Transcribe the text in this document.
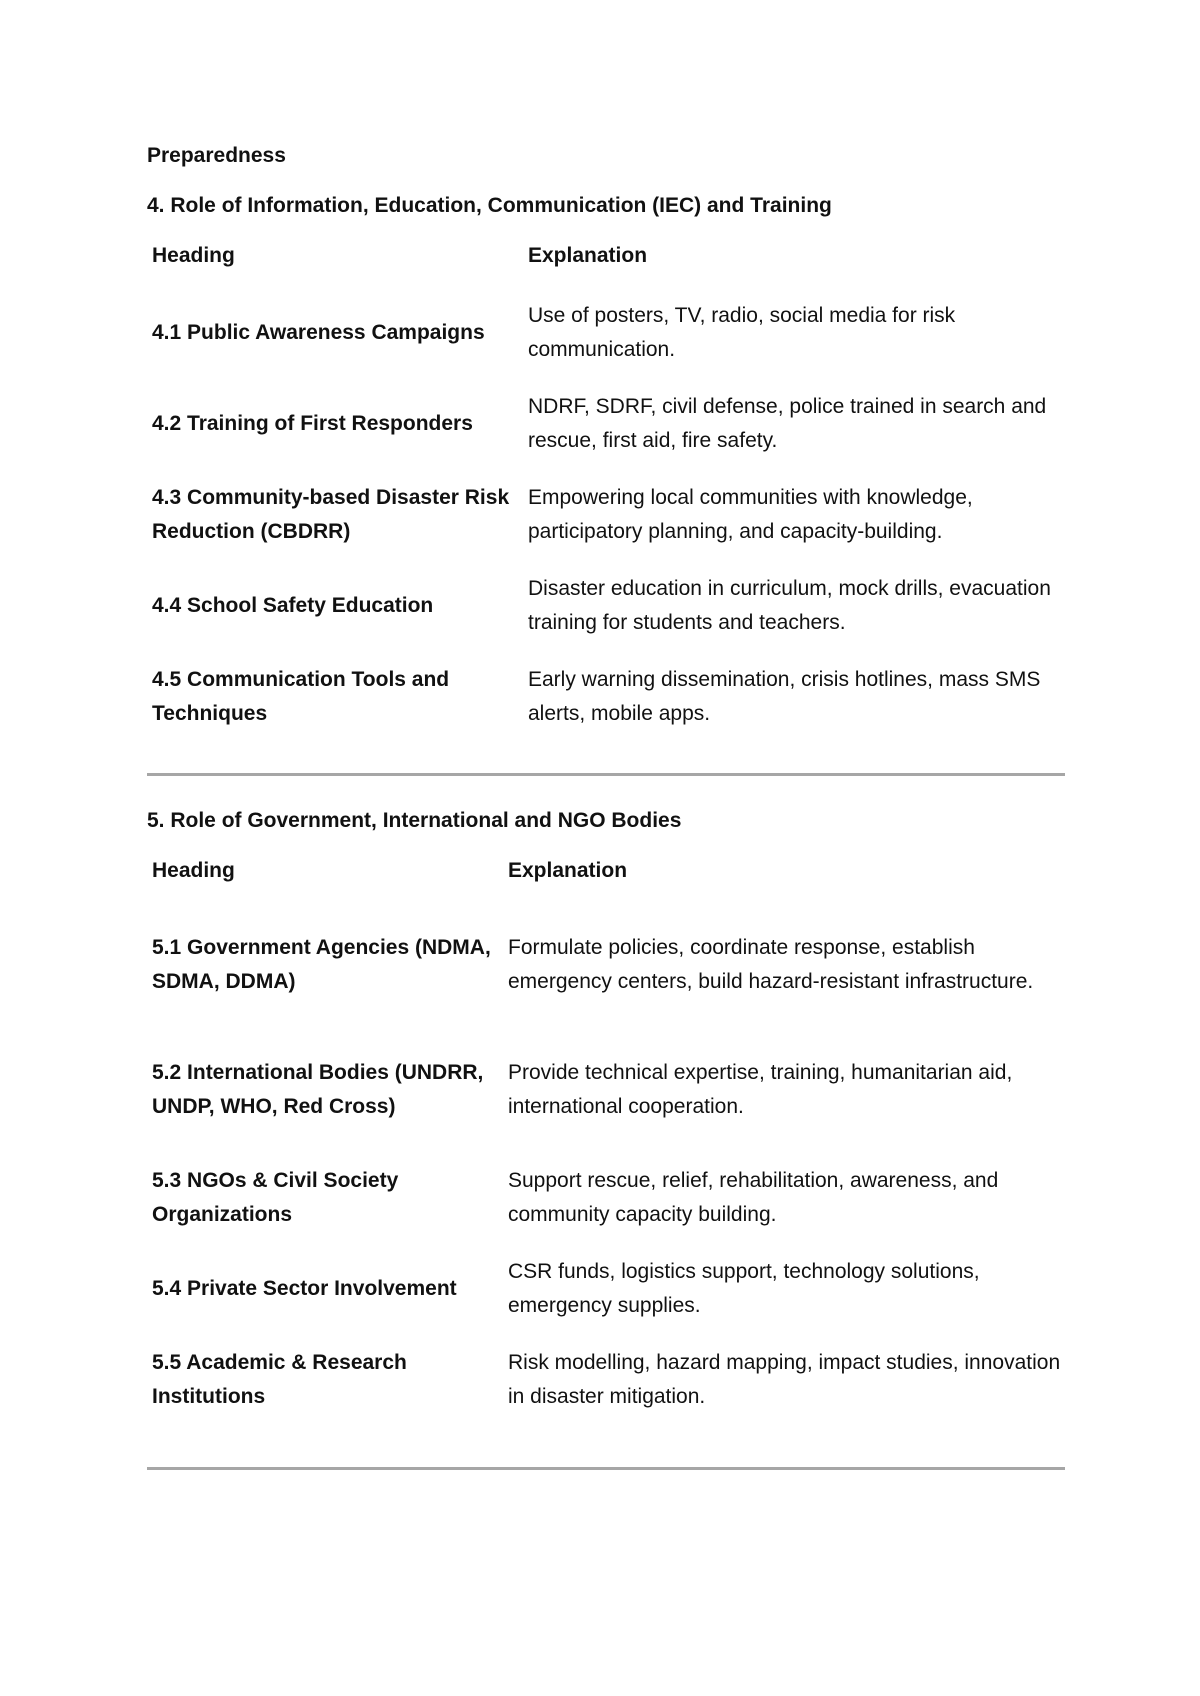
Preparedness

4. Role of Information, Education, Communication (IEC) and Training

Heading	Explanation
4.1 Public Awareness Campaigns	Use of posters, TV, radio, social media for risk communication.
4.2 Training of First Responders	NDRF, SDRF, civil defense, police trained in search and rescue, first aid, fire safety.
4.3 Community-based Disaster Risk Reduction (CBDRR)	Empowering local communities with knowledge, participatory planning, and capacity-building.
4.4 School Safety Education	Disaster education in curriculum, mock drills, evacuation training for students and teachers.
4.5 Communication Tools and Techniques	Early warning dissemination, crisis hotlines, mass SMS alerts, mobile apps.

5. Role of Government, International and NGO Bodies

Heading	Explanation
5.1 Government Agencies (NDMA, SDMA, DDMA)	Formulate policies, coordinate response, establish emergency centers, build hazard-resistant infrastructure.
5.2 International Bodies (UNDRR, UNDP, WHO, Red Cross)	Provide technical expertise, training, humanitarian aid, international cooperation.
5.3 NGOs & Civil Society Organizations	Support rescue, relief, rehabilitation, awareness, and community capacity building.
5.4 Private Sector Involvement	CSR funds, logistics support, technology solutions, emergency supplies.
5.5 Academic & Research Institutions	Risk modelling, hazard mapping, impact studies, innovation in disaster mitigation.
